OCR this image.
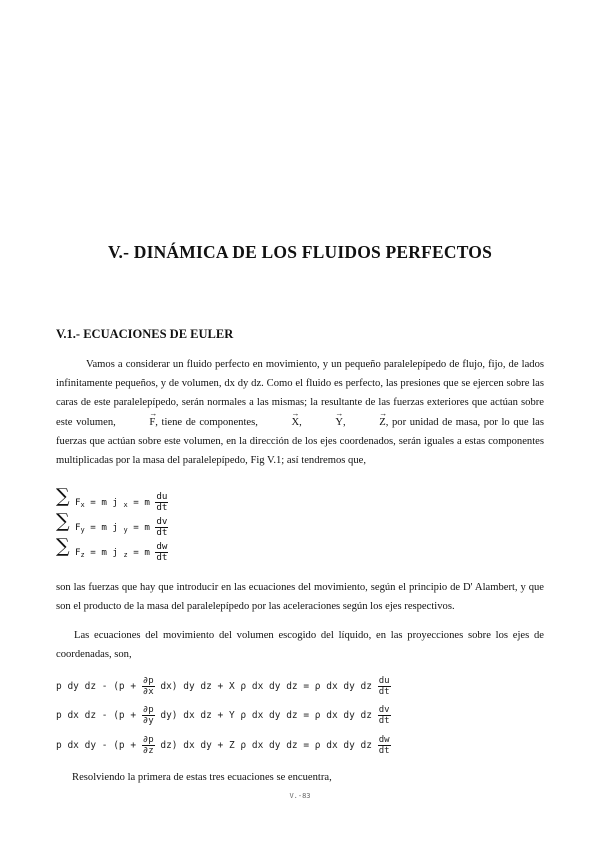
V.- DINÁMICA DE LOS FLUIDOS PERFECTOS
V.1.- ECUACIONES DE EULER
Vamos a considerar un fluido perfecto en movimiento, y un pequeño paralelepípedo de flujo, fijo, de lados infinitamente pequeños, y de volumen, dx dy dz. Como el fluido es perfecto, las presiones que se ejercen sobre las caras de este paralelepípedo, serán normales a las mismas; la resultante de las fuerzas exteriores que actúan sobre este volumen,	→ F, tiene de componentes,	→ X,	→ Y,	→ Z, por unidad de masa, por lo que las fuerzas que actúan sobre este volumen, en la dirección de los ejes coordenados, serán iguales a estas componentes multiplicadas por la masa del paralelepípedo, Fig V.1; así tendremos que,
∑ $F_x = m$ j $_x$ = m $\frac{du}{dt}$
∑ $F_y = m$ j $_y$ = m $\frac{dv}{dt}$
∑ $F_z = m$ j $_z$ = m $\frac{dw}{dt}$
son las fuerzas que hay que introducir en las ecuaciones del movimiento, según el principio de D' Alambert, y que son el producto de la masa del paralelepípedo por las aceleraciones según los ejes respectivos.
Las ecuaciones del movimiento del volumen escogido del líquido, en las proyecciones sobre los ejes de coordenadas, son,
p dy dz - $(p + \frac{\partial p}{\partial x} dx)$ dy dz + X ρ dx dy dz = ρ dx dy dz $\frac{du}{dt}$
p dx dz - $(p + \frac{\partial p}{\partial y} dy)$ dx dz + Y ρ dx dy dz = ρ dx dy dz $\frac{dv}{dt}$
p dx dy - $(p + \frac{\partial p}{\partial z} dz)$ dx dy + Z ρ dx dy dz = ρ dx dy dz $\frac{dw}{dt}$
Resolviendo la primera de estas tres ecuaciones se encuentra,
V.-83
